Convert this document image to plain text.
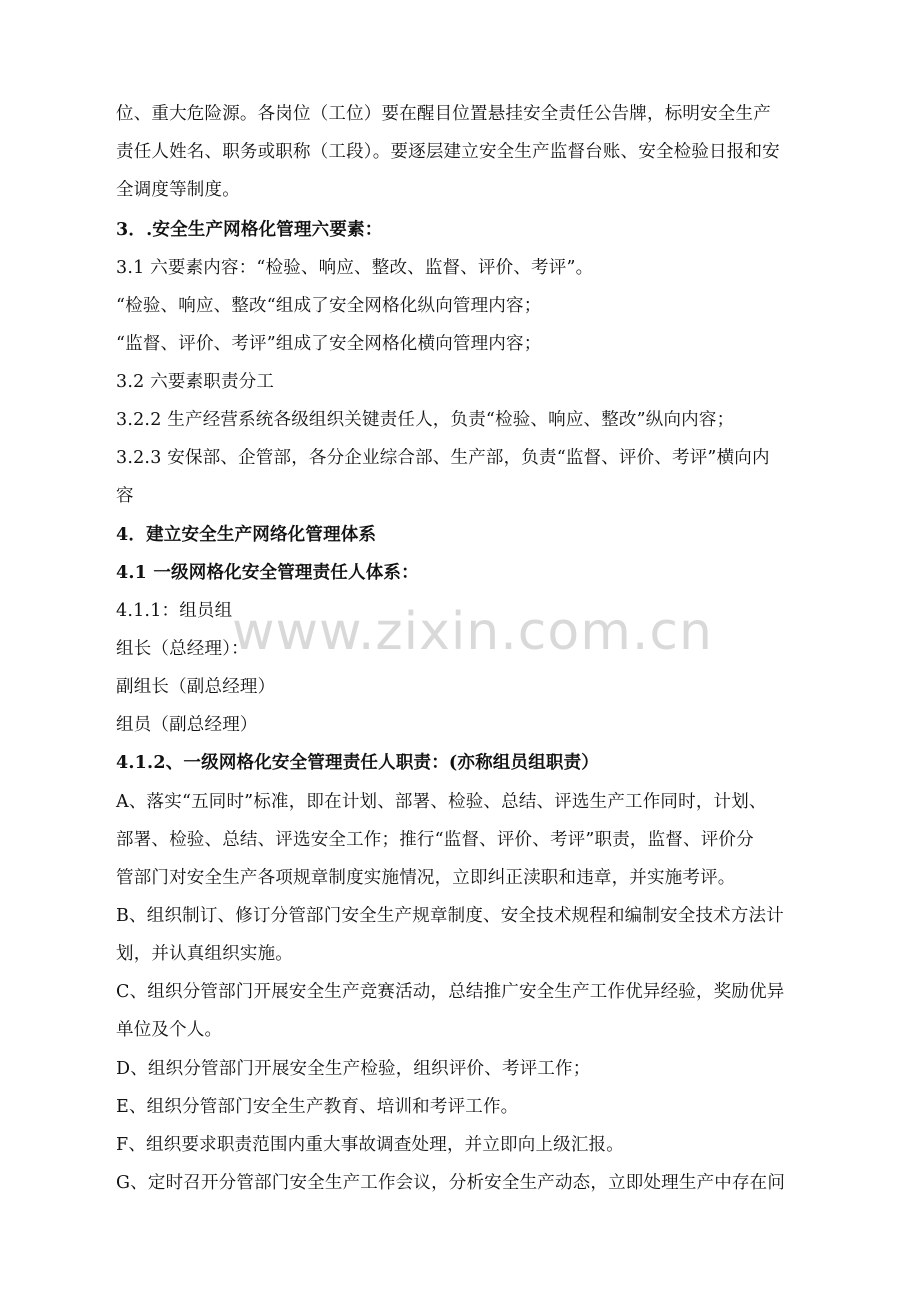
www.zixin.com.cn
位、重大危险源。各岗位（工位）要在醒目位置悬挂安全责任公告牌，标明安全生产
责任人姓名、职务或职称（工段）。要逐层建立安全生产监督台账、安全检验日报和安
全调度等制度。
3．.安全生产网格化管理六要素：
3.1 六要素内容：“检验、响应、整改、监督、评价、考评”。
“检验、响应、整改“组成了安全网格化纵向管理内容；
“监督、评价、考评”组成了安全网格化横向管理内容；
3.2 六要素职责分工
3.2.2 生产经营系统各级组织关键责任人，负责“检验、响应、整改”纵向内容；
3.2.3 安保部、企管部，各分企业综合部、生产部，负责“监督、评价、考评”横向内
容
4．建立安全生产网络化管理体系
4.1 一级网格化安全管理责任人体系：
4.1.1：组员组
组长（总经理）：
副组长（副总经理）
组员（副总经理）
4.1.2、一级网格化安全管理责任人职责：(亦称组员组职责）
A、落实“五同时”标准，即在计划、部署、检验、总结、评选生产工作同时，计划、
部署、检验、总结、评选安全工作；推行“监督、评价、考评”职责，监督、评价分
管部门对安全生产各项规章制度实施情况，立即纠正渎职和违章，并实施考评。
B、组织制订、修订分管部门安全生产规章制度、安全技术规程和编制安全技术方法计
划，并认真组织实施。
C、组织分管部门开展安全生产竞赛活动，总结推广安全生产工作优异经验，奖励优异
单位及个人。
D、组织分管部门开展安全生产检验，组织评价、考评工作；
E、组织分管部门安全生产教育、培训和考评工作。
F、组织要求职责范围内重大事故调查处理，并立即向上级汇报。
G、定时召开分管部门安全生产工作会议，分析安全生产动态，立即处理生产中存在问
